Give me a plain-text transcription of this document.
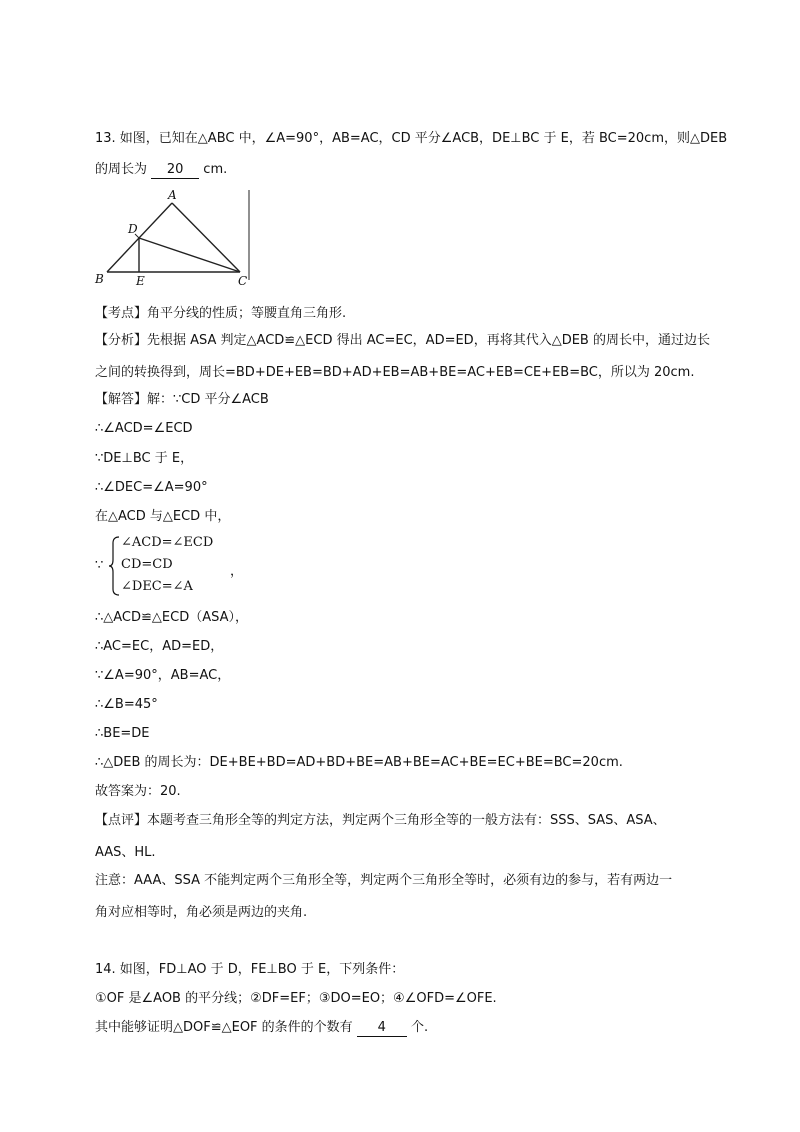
13. 如图，已知在△ABC 中，∠A=90°，AB=AC，CD 平分∠ACB，DE⊥BC 于 E，若 BC=20cm，则△DEB
的周长为 20 cm.
A
B	C
D
E
【考点】角平分线的性质；等腰直角三角形.
【分析】先根据 ASA 判定△ACD≌△ECD 得出 AC=EC，AD=ED，再将其代入△DEB 的周长中，通过边长
之间的转换得到，周长=BD+DE+EB=BD+AD+EB=AB+BE=AC+EB=CE+EB=BC，所以为 20cm.
【解答】解：∵CD 平分∠ACB
∴∠ACD=∠ECD
∵DE⊥BC 于 E，
∴∠DEC=∠A=90°
在△ACD 与△ECD 中，
∵
∠ACD=∠ECD
CD=CD
∠DEC=∠A
，
∴△ACD≌△ECD（ASA），
∴AC=EC，AD=ED，
∵∠A=90°，AB=AC，
∴∠B=45°
∴BE=DE
∴△DEB 的周长为：DE+BE+BD=AD+BD+BE=AB+BE=AC+BE=EC+BE=BC=20cm.
故答案为：20.
【点评】本题考查三角形全等的判定方法，判定两个三角形全等的一般方法有：SSS、SAS、ASA、
AAS、HL.
注意：AAA、SSA 不能判定两个三角形全等，判定两个三角形全等时，必须有边的参与，若有两边一
角对应相等时，角必须是两边的夹角.
14. 如图，FD⊥AO 于 D，FE⊥BO 于 E，下列条件：
①OF 是∠AOB 的平分线；②DF=EF；③DO=EO；④∠OFD=∠OFE.
其中能够证明△DOF≌△EOF 的条件的个数有 4 个.
